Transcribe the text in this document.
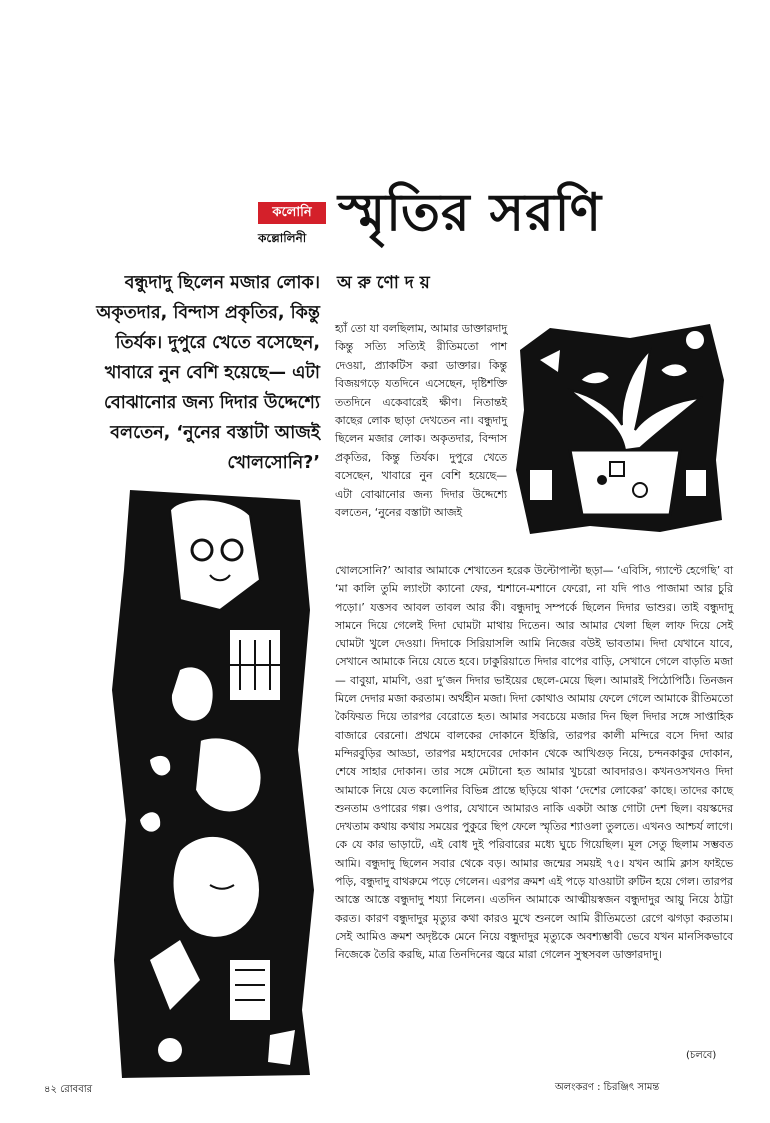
কলোনি
কল্লোলিনী স্মৃতির সরণি
বন্ধুদাদু ছিলেন মজার লোক। অকৃতদার, বিন্দাস প্রকৃতির, কিন্তু তির্যক। দুপুরে খেতে বসেছেন, খাবারে নুন বেশি হয়েছে— এটা বোঝানোর জন্য দিদার উদ্দেশ্যে বলতেন, ‘নুনের বস্তাটা আজই খোলসোনি?’
অরুণোদয়
হ্যাঁ তো যা বলছিলাম, আমার ডাক্তারদাদু কিন্তু সত্যি সত্যিই রীতিমতো পাশ দেওয়া, প্র্যাকটিস করা ডাক্তার। কিন্তু বিজয়গড়ে যতদিনে এসেছেন, দৃষ্টিশক্তি ততদিনে একেবারেই ক্ষীণ। নিতান্তই কাছের লোক ছাড়া দেখতেন না। বন্ধুদাদু ছিলেন মজার লোক। অকৃতদার, বিন্দাস প্রকৃতির, কিন্তু তির্যক। দুপুরে খেতে বসেছেন, খাবারে নুন বেশি হয়েছে— এটা বোঝানোর জন্য দিদার উদ্দেশ্যে বলতেন, ‘নুনের বস্তাটা আজই
খোলসোনি?’ আবার আমাকে শেখাতেন হরেক উল্টোপাল্টা ছড়া— ‘এবিসি, গ্যাণ্টে হেগেছি’ বা ‘মা কালি তুমি ল্যাংটা ক্যানো ফের, শ্মশানে-মশানে ফেরো, না যদি পাও পাজামা আর চুরি পড়ো।’ যত্তসব আবল তাবল আর কী। বন্ধুদাদু সম্পর্কে ছিলেন দিদার ভাশুর। তাই বন্ধুদাদু সামনে দিয়ে গেলেই দিদা ঘোমটা মাথায় দিতেন। আর আমার খেলা ছিল লাফ দিয়ে সেই ঘোমটা খুলে দেওয়া। দিদাকে সিরিয়াসলি আমি নিজের বউই ভাবতাম। দিদা যেখানে যাবে, সেখানে আমাকে নিয়ে যেতে হবে। ঢাকুরিয়াতে দিদার বাপের বাড়ি, সেখানে গেলে বাড়তি মজা— বাবুয়া, মামণি, ওরা দু’জন দিদার ভাইয়ের ছেলে-মেয়ে ছিল। আমারই পিঠোপিঠি। তিনজন মিলে দেদার মজা করতাম। অর্থহীন মজা। দিদা কোথাও আমায় ফেলে গেলে আমাকে রীতিমতো কৈফিয়ত দিয়ে তারপর বেরোতে হত। আমার সবচেয়ে মজার দিন ছিল দিদার সঙ্গে সাপ্তাহিক বাজারে বেরনো। প্রথমে বালকের দোকানে ইস্তিরি, তারপর কালী মন্দিরে বসে দিদা আর মন্দিরবুড়ির আড্ডা, তারপর মহাদেবের দোকান থেকে আখিগুড় নিয়ে, চন্দনকাকুর দোকান, শেষে সাহার দোকান। তার সঙ্গে মেটানো হত আমার খুচরো আবদারও। কখনওসখনও দিদা আমাকে নিয়ে যেত কলোনির বিভিন্ন প্রান্তে ছড়িয়ে থাকা ‘দেশের লোকের’ কাছে। তাদের কাছে শুনতাম ওপারের গল্প। ওপার, যেখানে আমারও নাকি একটা আস্ত গোটা দেশ ছিল। বয়স্কদের দেখতাম কথায় কথায় সময়ের পুকুরে ছিপ ফেলে স্মৃতির শ্যাওলা তুলতে। এখনও আশ্চর্য লাগে। কে যে কার ভাড়াটে, এই বোধ দুই পরিবারের মধ্যে ঘুচে গিয়েছিল। মূল সেতু ছিলাম সম্ভবত আমি। বন্ধুদাদু ছিলেন সবার থেকে বড়। আমার জন্মের সময়ই ৭৫। যখন আমি ক্লাস ফাইভে পড়ি, বন্ধুদাদু বাথরুমে পড়ে গেলেন। এরপর ক্রমশ এই পড়ে যাওয়াটা রুটিন হয়ে গেল। তারপর আস্তে আস্তে বন্ধুদাদু শয্যা নিলেন। এতদিন আমাকে আত্মীয়স্বজন বন্ধুদাদুর আয়ু নিয়ে ঠাট্টা করত। কারণ বন্ধুদাদুর মৃত্যুর কথা কারও মুখে শুনলে আমি রীতিমতো রেগে ঝগড়া করতাম। সেই আমিও ক্রমশ অদৃষ্টকে মেনে নিয়ে বন্ধুদাদুর মৃত্যুকে অবশ্যম্ভাবী ভেবে যখন মানসিকভাবে নিজেকে তৈরি করছি, মাত্র তিনদিনের জ্বরে মারা গেলেন সুস্থসবল ডাক্তারদাদু।
(চলবে)
অলংকরণ : চিরঞ্জিৎ সামন্ত
৪২ রোববার
